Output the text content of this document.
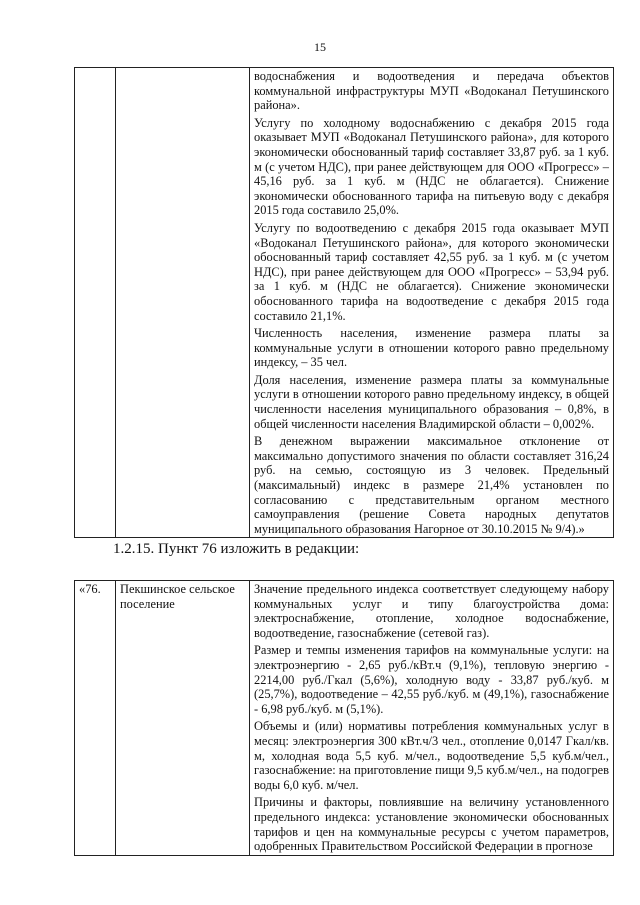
15

водоснабжения и водоотведения и передача объектов коммунальной инфраструктуры МУП «Водоканал Петушинского района».

Услугу по холодному водоснабжению с декабря 2015 года оказывает МУП «Водоканал Петушинского района», для которого экономически обоснованный тариф составляет 33,87 руб. за 1 куб. м (с учетом НДС), при ранее действующем для ООО «Прогресс» – 45,16 руб. за 1 куб. м (НДС не облагается). Снижение экономически обоснованного тарифа на питьевую воду с декабря 2015 года составило 25,0%.

Услугу по водоотведению с декабря 2015 года оказывает МУП «Водоканал Петушинского района», для которого экономически обоснованный тариф составляет 42,55 руб. за 1 куб. м (с учетом НДС), при ранее действующем для ООО «Прогресс» – 53,94 руб. за 1 куб. м (НДС не облагается). Снижение экономически обоснованного тарифа на водоотведение с декабря 2015 года составило 21,1%.

Численность населения, изменение размера платы за коммунальные услуги в отношении которого равно предельному индексу, – 35 чел.

Доля населения, изменение размера платы за коммунальные услуги в отношении которого равно предельному индексу, в общей численности населения муниципального образования – 0,8%, в общей численности населения Владимирской области – 0,002%.

В денежном выражении максимальное отклонение от максимально допустимого значения по области составляет 316,24 руб. на семью, состоящую из 3 человек. Предельный (максимальный) индекс в размере 21,4% установлен по согласованию с представительным органом местного самоуправления (решение Совета народных депутатов муниципального образования Нагорное от 30.10.2015 № 9/4).»

1.2.15. Пункт 76 изложить в редакции:
«76.	Пекшинское сельское поселение	

Значение предельного индекса соответствует следующему набору коммунальных услуг и типу благоустройства дома: электроснабжение, отопление, холодное водоснабжение, водоотведение, газоснабжение (сетевой газ).

Размер и темпы изменения тарифов на коммунальные услуги: на электроэнергию - 2,65 руб./кВт.ч (9,1%), тепловую энергию - 2214,00 руб./Гкал (5,6%), холодную воду - 33,87 руб./куб. м (25,7%), водоотведение – 42,55 руб./куб. м (49,1%), газоснабжение - 6,98 руб./куб. м (5,1%).

Объемы и (или) нормативы потребления коммунальных услуг в месяц: электроэнергия 300 кВт.ч/3 чел., отопление 0,0147 Гкал/кв. м, холодная вода 5,5 куб. м/чел., водоотведение 5,5 куб.м/чел., газоснабжение: на приготовление пищи 9,5 куб.м/чел., на подогрев воды 6,0 куб. м/чел.

Причины и факторы, повлиявшие на величину установленного предельного индекса: установление экономически обоснованных тарифов и цен на коммунальные ресурсы с учетом параметров, одобренных Правительством Российской Федерации в прогнозе
